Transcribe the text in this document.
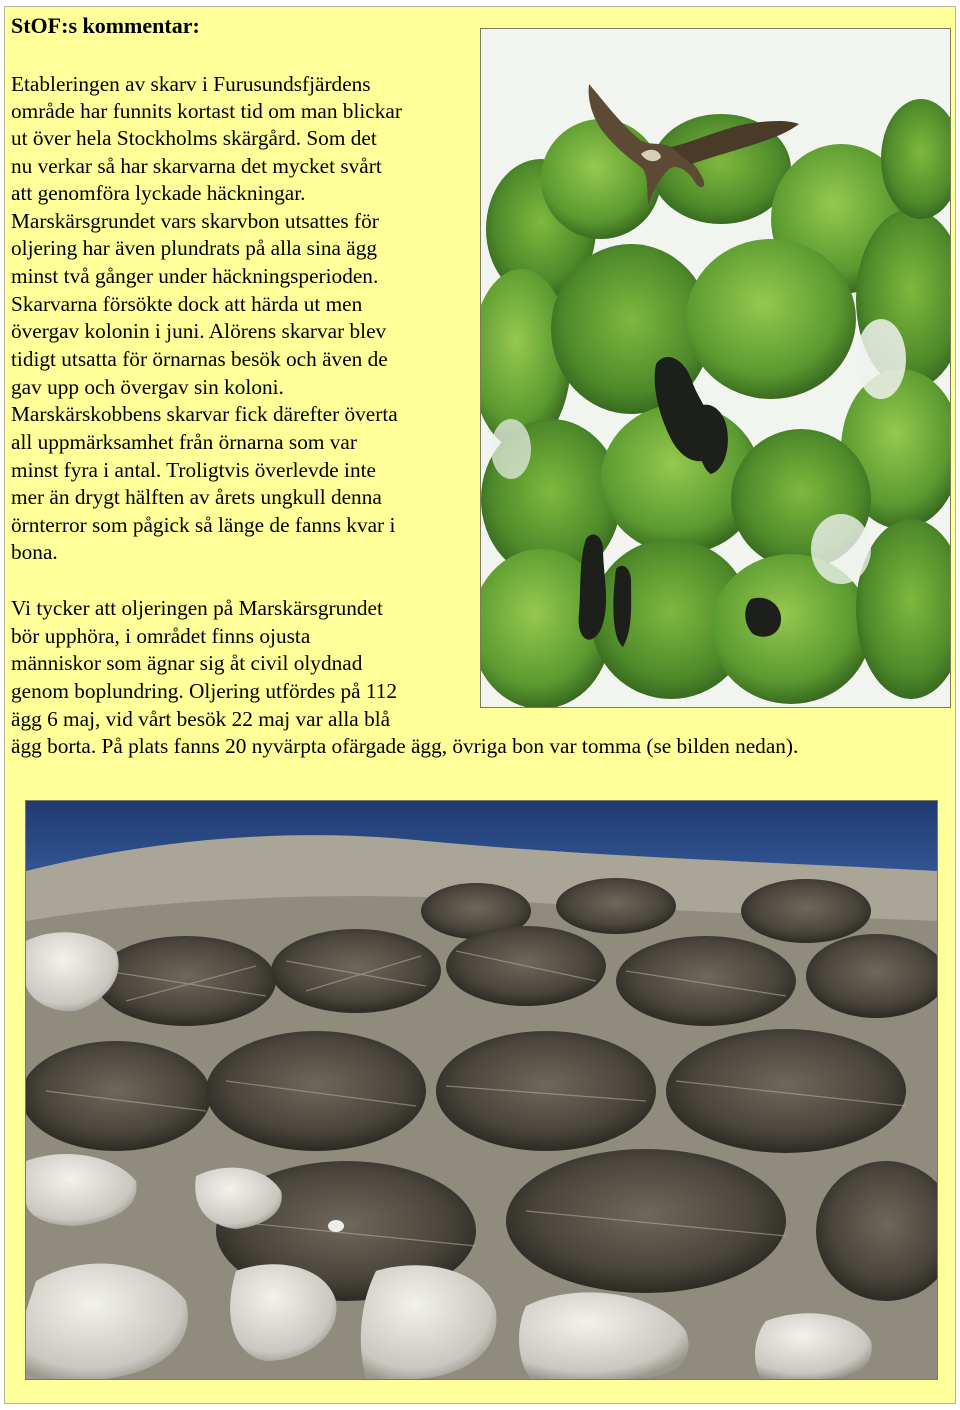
StOF:s kommentar:
Etableringen av skarv i Furusundsfjärdens
område har funnits kortast tid om man blickar
ut över hela Stockholms skärgård. Som det
nu verkar så har skarvarna det mycket svårt
att genomföra lyckade häckningar.
Marskärsgrundet vars skarvbon utsattes för
oljering har även plundrats på alla sina ägg
minst två gånger under häckningsperioden.
Skarvarna försökte dock att härda ut men
övergav kolonin i juni. Alörens skarvar blev
tidigt utsatta för örnarnas besök och även de
gav upp och övergav sin koloni.
Marskärskobbens skarvar fick därefter överta
all uppmärksamhet från örnarna som var
minst fyra i antal. Troligtvis överlevde inte
mer än drygt hälften av årets ungkull denna
örnterror som pågick så länge de fanns kvar i
bona.
Vi tycker att oljeringen på Marskärsgrundet
bör upphöra, i området finns ojusta
människor som ägnar sig åt civil olydnad
genom boplundring. Oljering utfördes på 112
ägg 6 maj, vid vårt besök 22 maj var alla blå
ägg borta. På plats fanns 20 nyvärpta ofärgade ägg, övriga bon var tomma (se bilden nedan).
